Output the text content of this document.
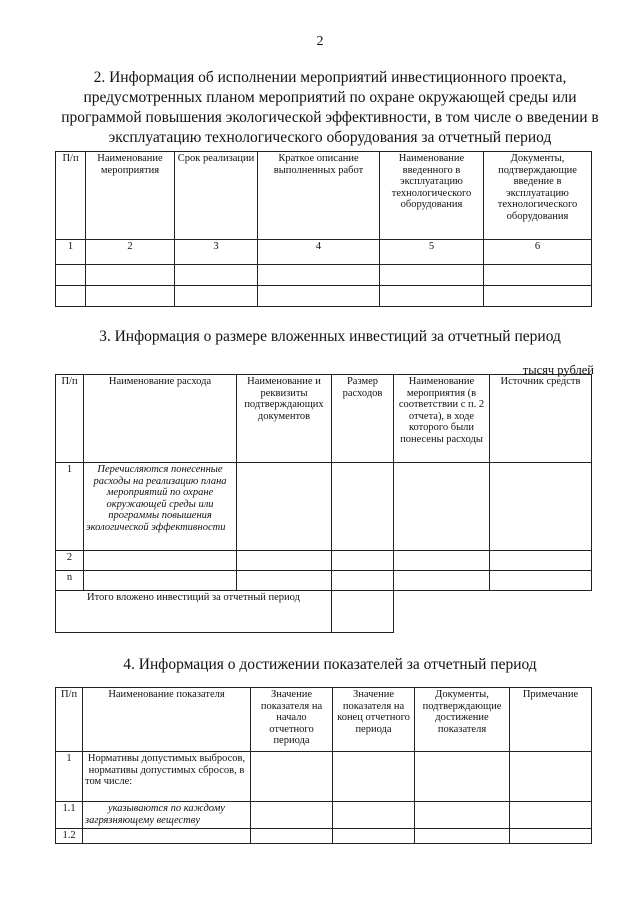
2
2. Информация об исполнении мероприятий инвестиционного проекта, предусмотренных планом мероприятий по охране окружающей среды или программой повышения экологической эффективности, в том числе о введении в эксплуатацию технологического оборудования за отчетный период
П/п	Наименование мероприятия	Срок реализации	Краткое описание выполненных работ	Наименование введенного в эксплуатацию технологического оборудования	Документы, подтверждающие введение в эксплуатацию технологического оборудования
1	2	3	4	5	6

3. Информация о размере вложенных инвестиций за отчетный период
тысяч рублей
П/п	Наименование расхода	Наименование и реквизиты подтверждающих документов	Размер расходов	Наименование мероприятия (в соответствии с п. 2 отчета), в ходе которого были понесены расходы	Источник средств
1	Перечисляются понесенные расходы на реализацию плана мероприятий по охране окружающей среды или программы повышения экологической эффективности				
2					
n					
Итого вложено инвестиций за отчетный период					
4. Информация о достижении показателей за отчетный период
П/п	Наименование показателя	Значение показателя на начало отчетного периода	Значение показателя на конец отчетного периода	Документы, подтверждающие достижение показателя	Примечание
1	Нормативы допустимых выбросов, нормативы допустимых сбросов, в том числе:				
1.1	указываются по каждому загрязняющему веществу				
1.2					
